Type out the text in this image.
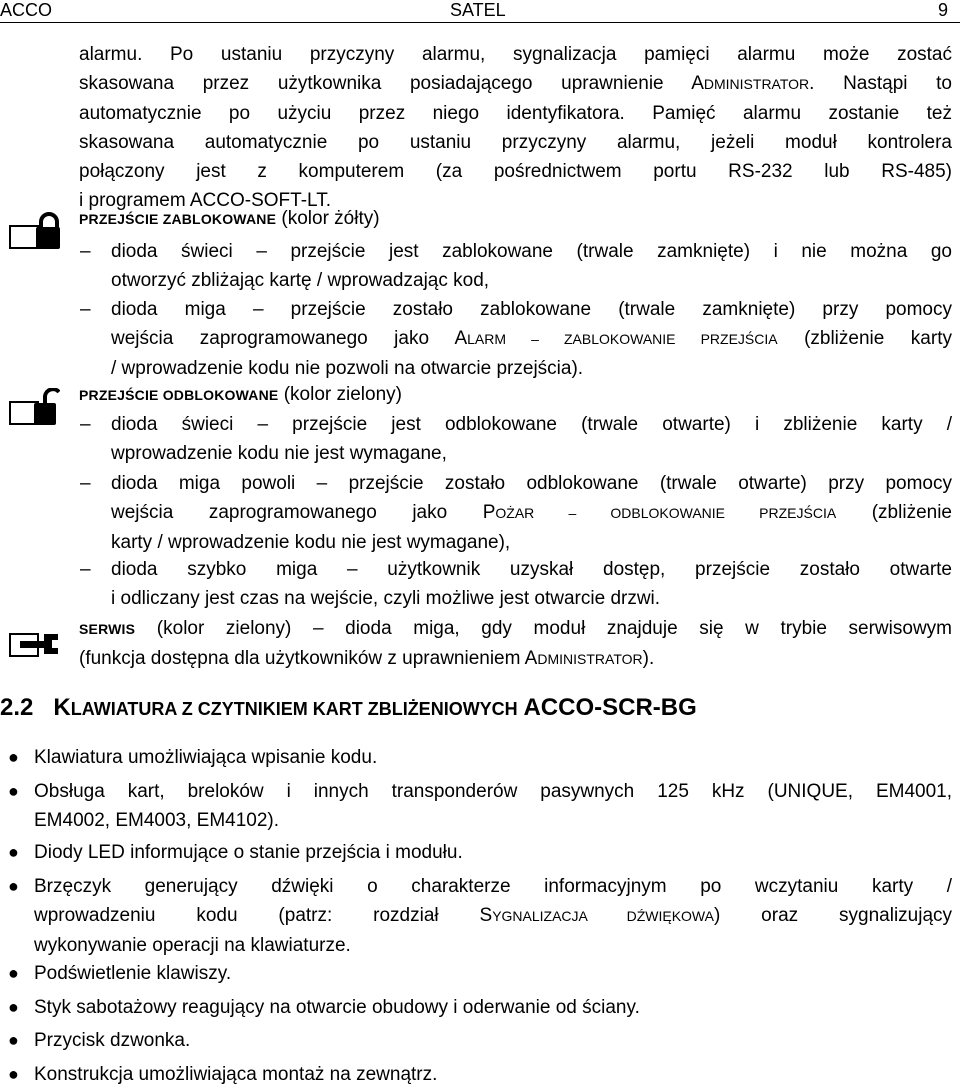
ACCO	SATEL	9
alarmu. Po ustaniu przyczyny alarmu, sygnalizacja pamięci alarmu może zostać
skasowana przez użytkownika posiadającego uprawnienie ADMINISTRATOR. Nastąpi to
automatycznie po użyciu przez niego identyfikatora. Pamięć alarmu zostanie też
skasowana automatycznie po ustaniu przyczyny alarmu, jeżeli moduł kontrolera
połączony jest z komputerem (za pośrednictwem portu RS-232 lub RS-485)
i programem ACCO-SOFT-LT.
PRZEJŚCIE ZABLOKOWANE (kolor żółty)
– dioda świeci – przejście jest zablokowane (trwale zamknięte) i nie można go
otworzyć zbliżając kartę / wprowadzając kod,
– dioda miga – przejście zostało zablokowane (trwale zamknięte) przy pomocy
wejścia zaprogramowanego jako ALARM – ZABLOKOWANIE PRZEJŚCIA (zbliżenie karty
/ wprowadzenie kodu nie pozwoli na otwarcie przejścia).
PRZEJŚCIE ODBLOKOWANE (kolor zielony)
– dioda świeci – przejście jest odblokowane (trwale otwarte) i zbliżenie karty /
wprowadzenie kodu nie jest wymagane,
– dioda miga powoli – przejście zostało odblokowane (trwale otwarte) przy pomocy
wejścia zaprogramowanego jako POŻAR – ODBLOKOWANIE PRZEJŚCIA (zbliżenie
karty / wprowadzenie kodu nie jest wymagane),
– dioda szybko miga – użytkownik uzyskał dostęp, przejście zostało otwarte
i odliczany jest czas na wejście, czyli możliwe jest otwarcie drzwi.
SERWIS (kolor zielony) – dioda miga, gdy moduł znajduje się w trybie serwisowym
(funkcja dostępna dla użytkowników z uprawnieniem ADMINISTRATOR).
2.2 KLAWIATURA Z CZYTNIKIEM KART ZBLIŻENIOWYCH ACCO-SCR-BG
● Klawiatura umożliwiająca wpisanie kodu.
● Obsługa kart, breloków i innych transponderów pasywnych 125 kHz (UNIQUE, EM4001,
EM4002, EM4003, EM4102).
● Diody LED informujące o stanie przejścia i modułu.
● Brzęczyk generujący dźwięki o charakterze informacyjnym po wczytaniu karty /
wprowadzeniu kodu (patrz: rozdział SYGNALIZACJA DŹWIĘKOWA) oraz sygnalizujący
wykonywanie operacji na klawiaturze.
● Podświetlenie klawiszy.
● Styk sabotażowy reagujący na otwarcie obudowy i oderwanie od ściany.
● Przycisk dzwonka.
● Konstrukcja umożliwiająca montaż na zewnątrz.
